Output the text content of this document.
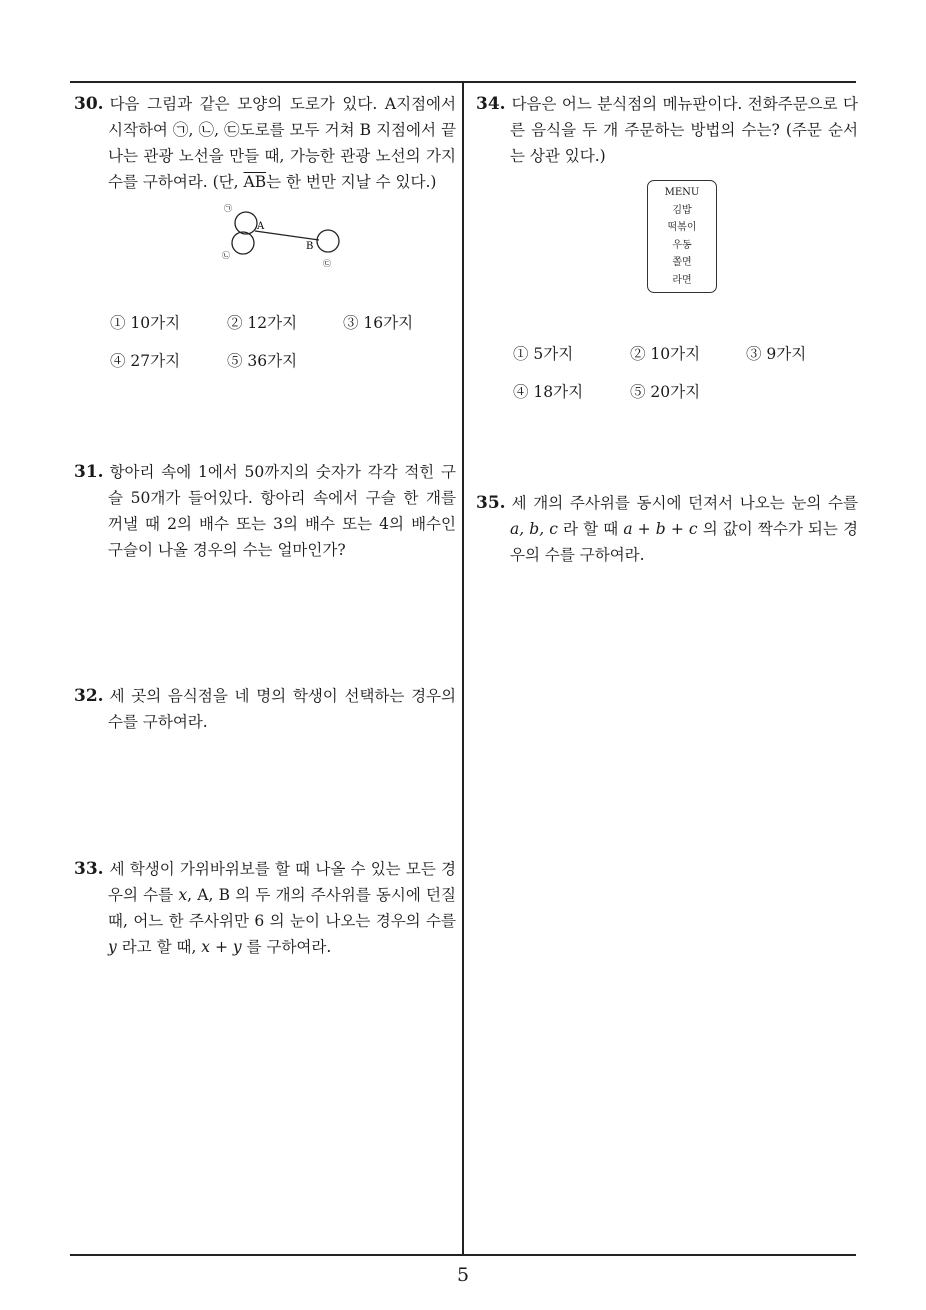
30. 다음 그림과 같은 모양의 도로가 있다. A지점에서 시작하여 ㉠, ㉡, ㉢도로를 모두 거쳐 B 지점에서 끝나는 관광 노선을 만들 때, 가능한 관광 노선의 가지 수를 구하여라. (단, $\overline{AB}$는 한 번만 지날 수 있다.)
㉠
㉡
㉢
A
B
① 10가지	② 12가지	③ 16가지
④ 27가지	⑤ 36가지
31. 항아리 속에 1에서 50까지의 숫자가 각각 적힌 구슬 50개가 들어있다. 항아리 속에서 구슬 한 개를 꺼낼 때 2의 배수 또는 3의 배수 또는 4의 배수인 구슬이 나올 경우의 수는 얼마인가?
32. 세 곳의 음식점을 네 명의 학생이 선택하는 경우의 수를 구하여라.
33. 세 학생이 가위바위보를 할 때 나올 수 있는 모든 경우의 수를 x, A, B 의 두 개의 주사위를 동시에 던질 때, 어느 한 주사위만 6 의 눈이 나오는 경우의 수를 y 라고 할 때, x + y 를 구하여라.
34. 다음은 어느 분식점의 메뉴판이다. 전화주문으로 다른 음식을 두 개 주문하는 방법의 수는? (주문 순서는 상관 있다.)
MENU
김밥
떡볶이
우동
쫄면
라면
① 5가지	② 10가지	③ 9가지
④ 18가지	⑤ 20가지
35. 세 개의 주사위를 동시에 던져서 나오는 눈의 수를 a, b, c 라 할 때 a + b + c 의 값이 짝수가 되는 경우의 수를 구하여라.
5
